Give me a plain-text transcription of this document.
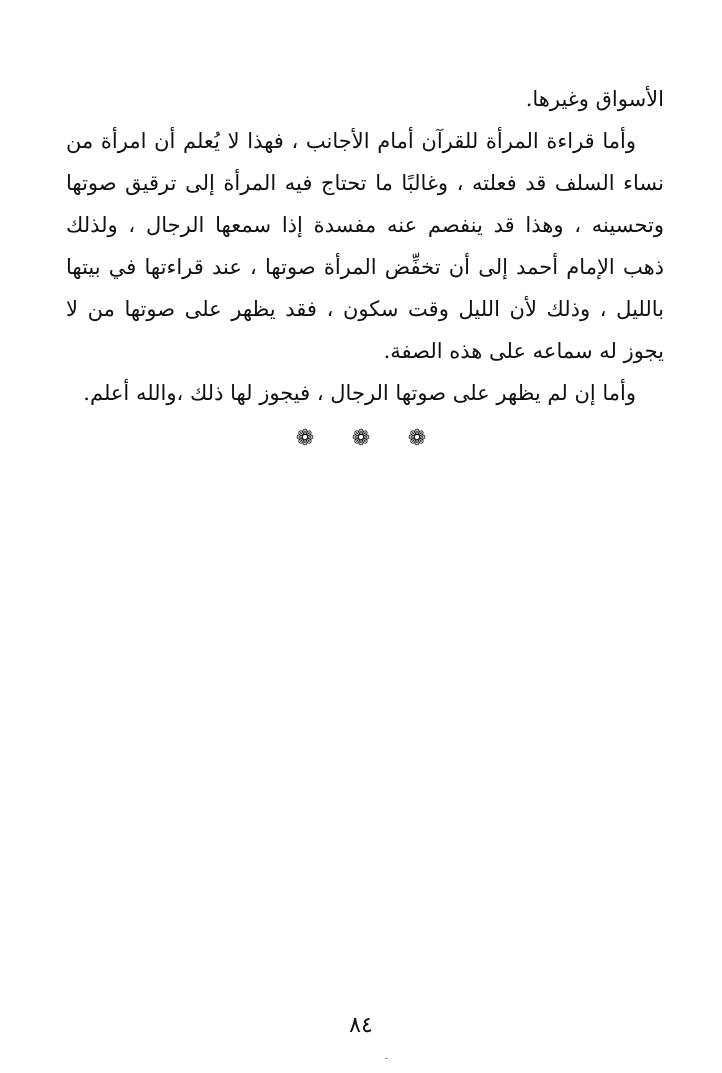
الأسواق وغيرها.

وأما قراءة المرأة للقرآن أمام الأجانب ، فهذا لا يُعلم أن امرأة من نساء السلف قد فعلته ، وغالبًا ما تحتاج فيه المرأة إلى ترقيق صوتها وتحسينه ، وهذا قد ينفصم عنه مفسدة إذا سمعها الرجال ، ولذلك ذهب الإمام أحمد إلى أن تخفِّض المرأة صوتها ، عند قراءتها في بيتها بالليل ، وذلك لأن الليل وقت سكون ، فقد يظهر على صوتها من لا يجوز له سماعه على هذه الصفة.

وأما إن لم يظهر على صوتها الرجال ، فيجوز لها ذلك ،والله أعلم.

❁ ❁ ❁
٨٤
